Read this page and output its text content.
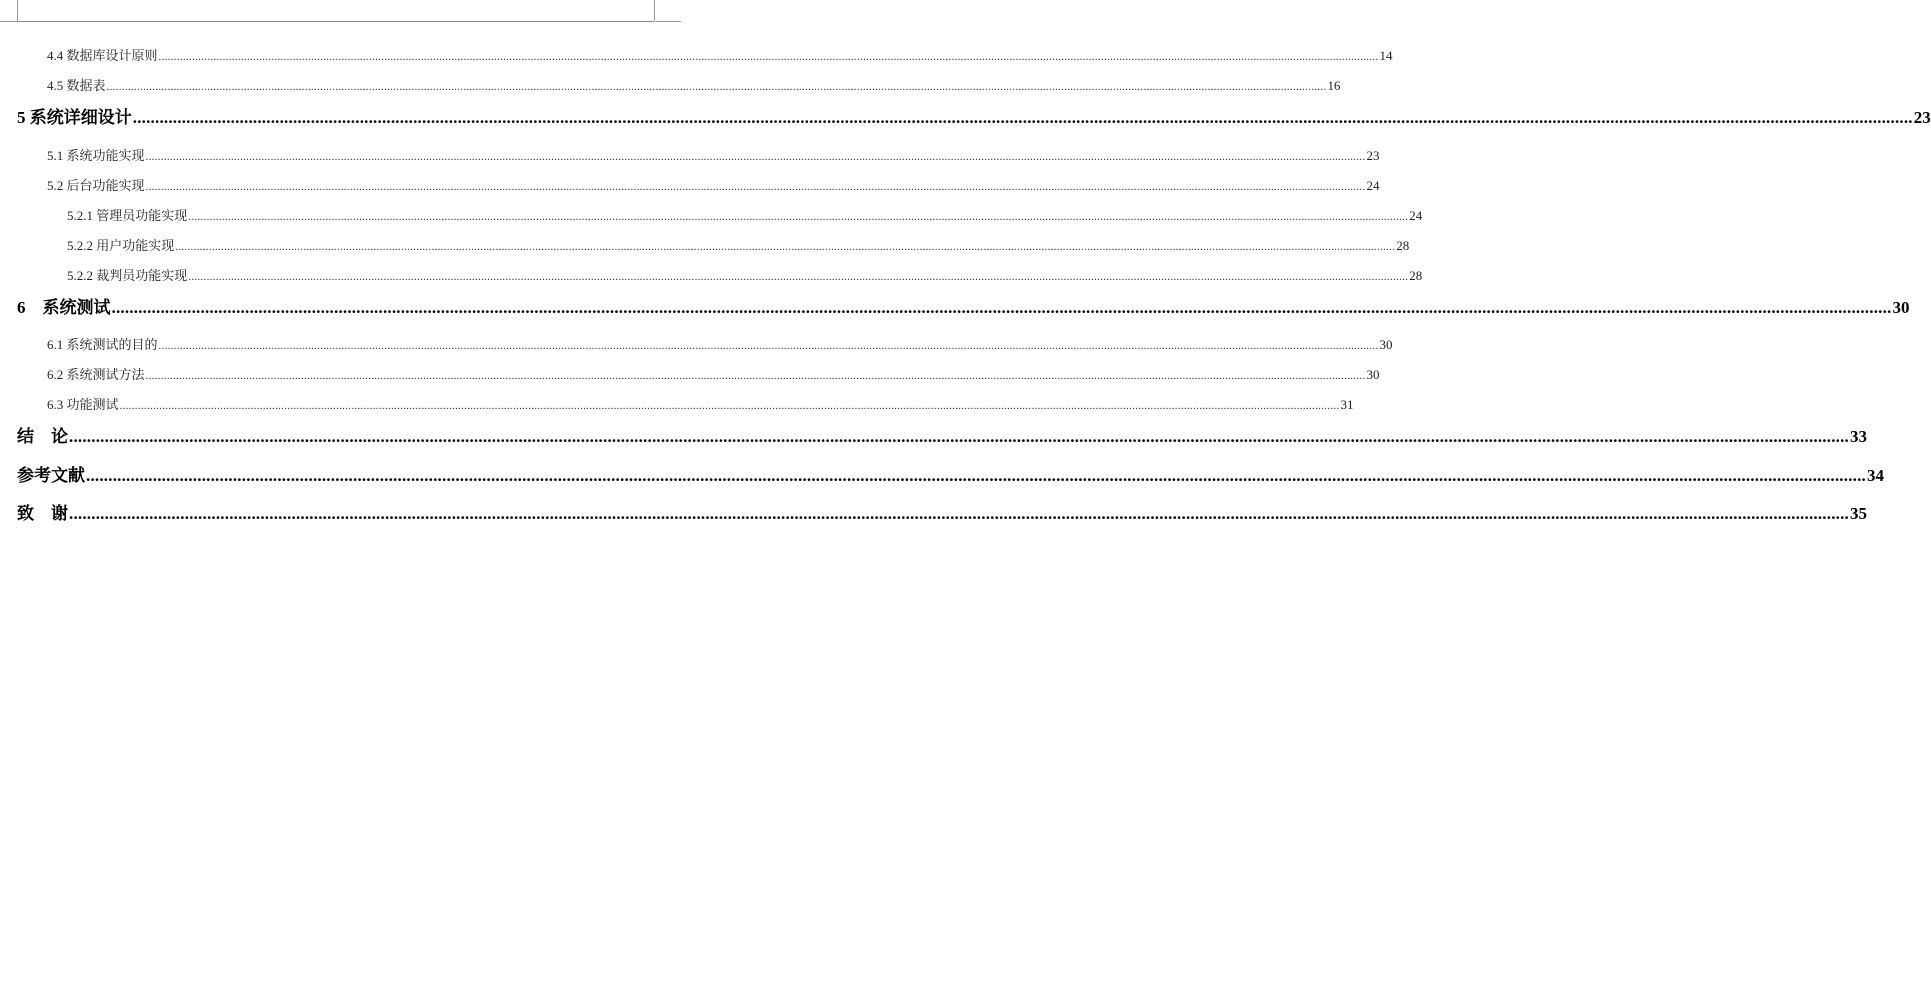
4.4 数据库设计原则 ................................................................................................................................................................................................................................................................................................................................................................................................................ 14
4.5 数据表 ................................................................................................................................................................................................................................................................................................................................................................................................................ 16
5 系统详细设计 ................................................................................................................................................................................................................................................................................................................................................................................................................ 23
5.1 系统功能实现 ................................................................................................................................................................................................................................................................................................................................................................................................................ 23
5.2 后台功能实现 ................................................................................................................................................................................................................................................................................................................................................................................................................ 24
5.2.1 管理员功能实现 ................................................................................................................................................................................................................................................................................................................................................................................................................ 24
5.2.2 用户功能实现 ................................................................................................................................................................................................................................................................................................................................................................................................................ 28
5.2.2 裁判员功能实现 ................................................................................................................................................................................................................................................................................................................................................................................................................ 28
6    系统测试 ................................................................................................................................................................................................................................................................................................................................................................................................................ 30
6.1 系统测试的目的 ................................................................................................................................................................................................................................................................................................................................................................................................................ 30
6.2 系统测试方法 ................................................................................................................................................................................................................................................................................................................................................................................................................ 30
6.3 功能测试 ................................................................................................................................................................................................................................................................................................................................................................................................................ 31
结    论 ................................................................................................................................................................................................................................................................................................................................................................................................................ 33
参考文献 ................................................................................................................................................................................................................................................................................................................................................................................................................ 34
致    谢 ................................................................................................................................................................................................................................................................................................................................................................................................................ 35
